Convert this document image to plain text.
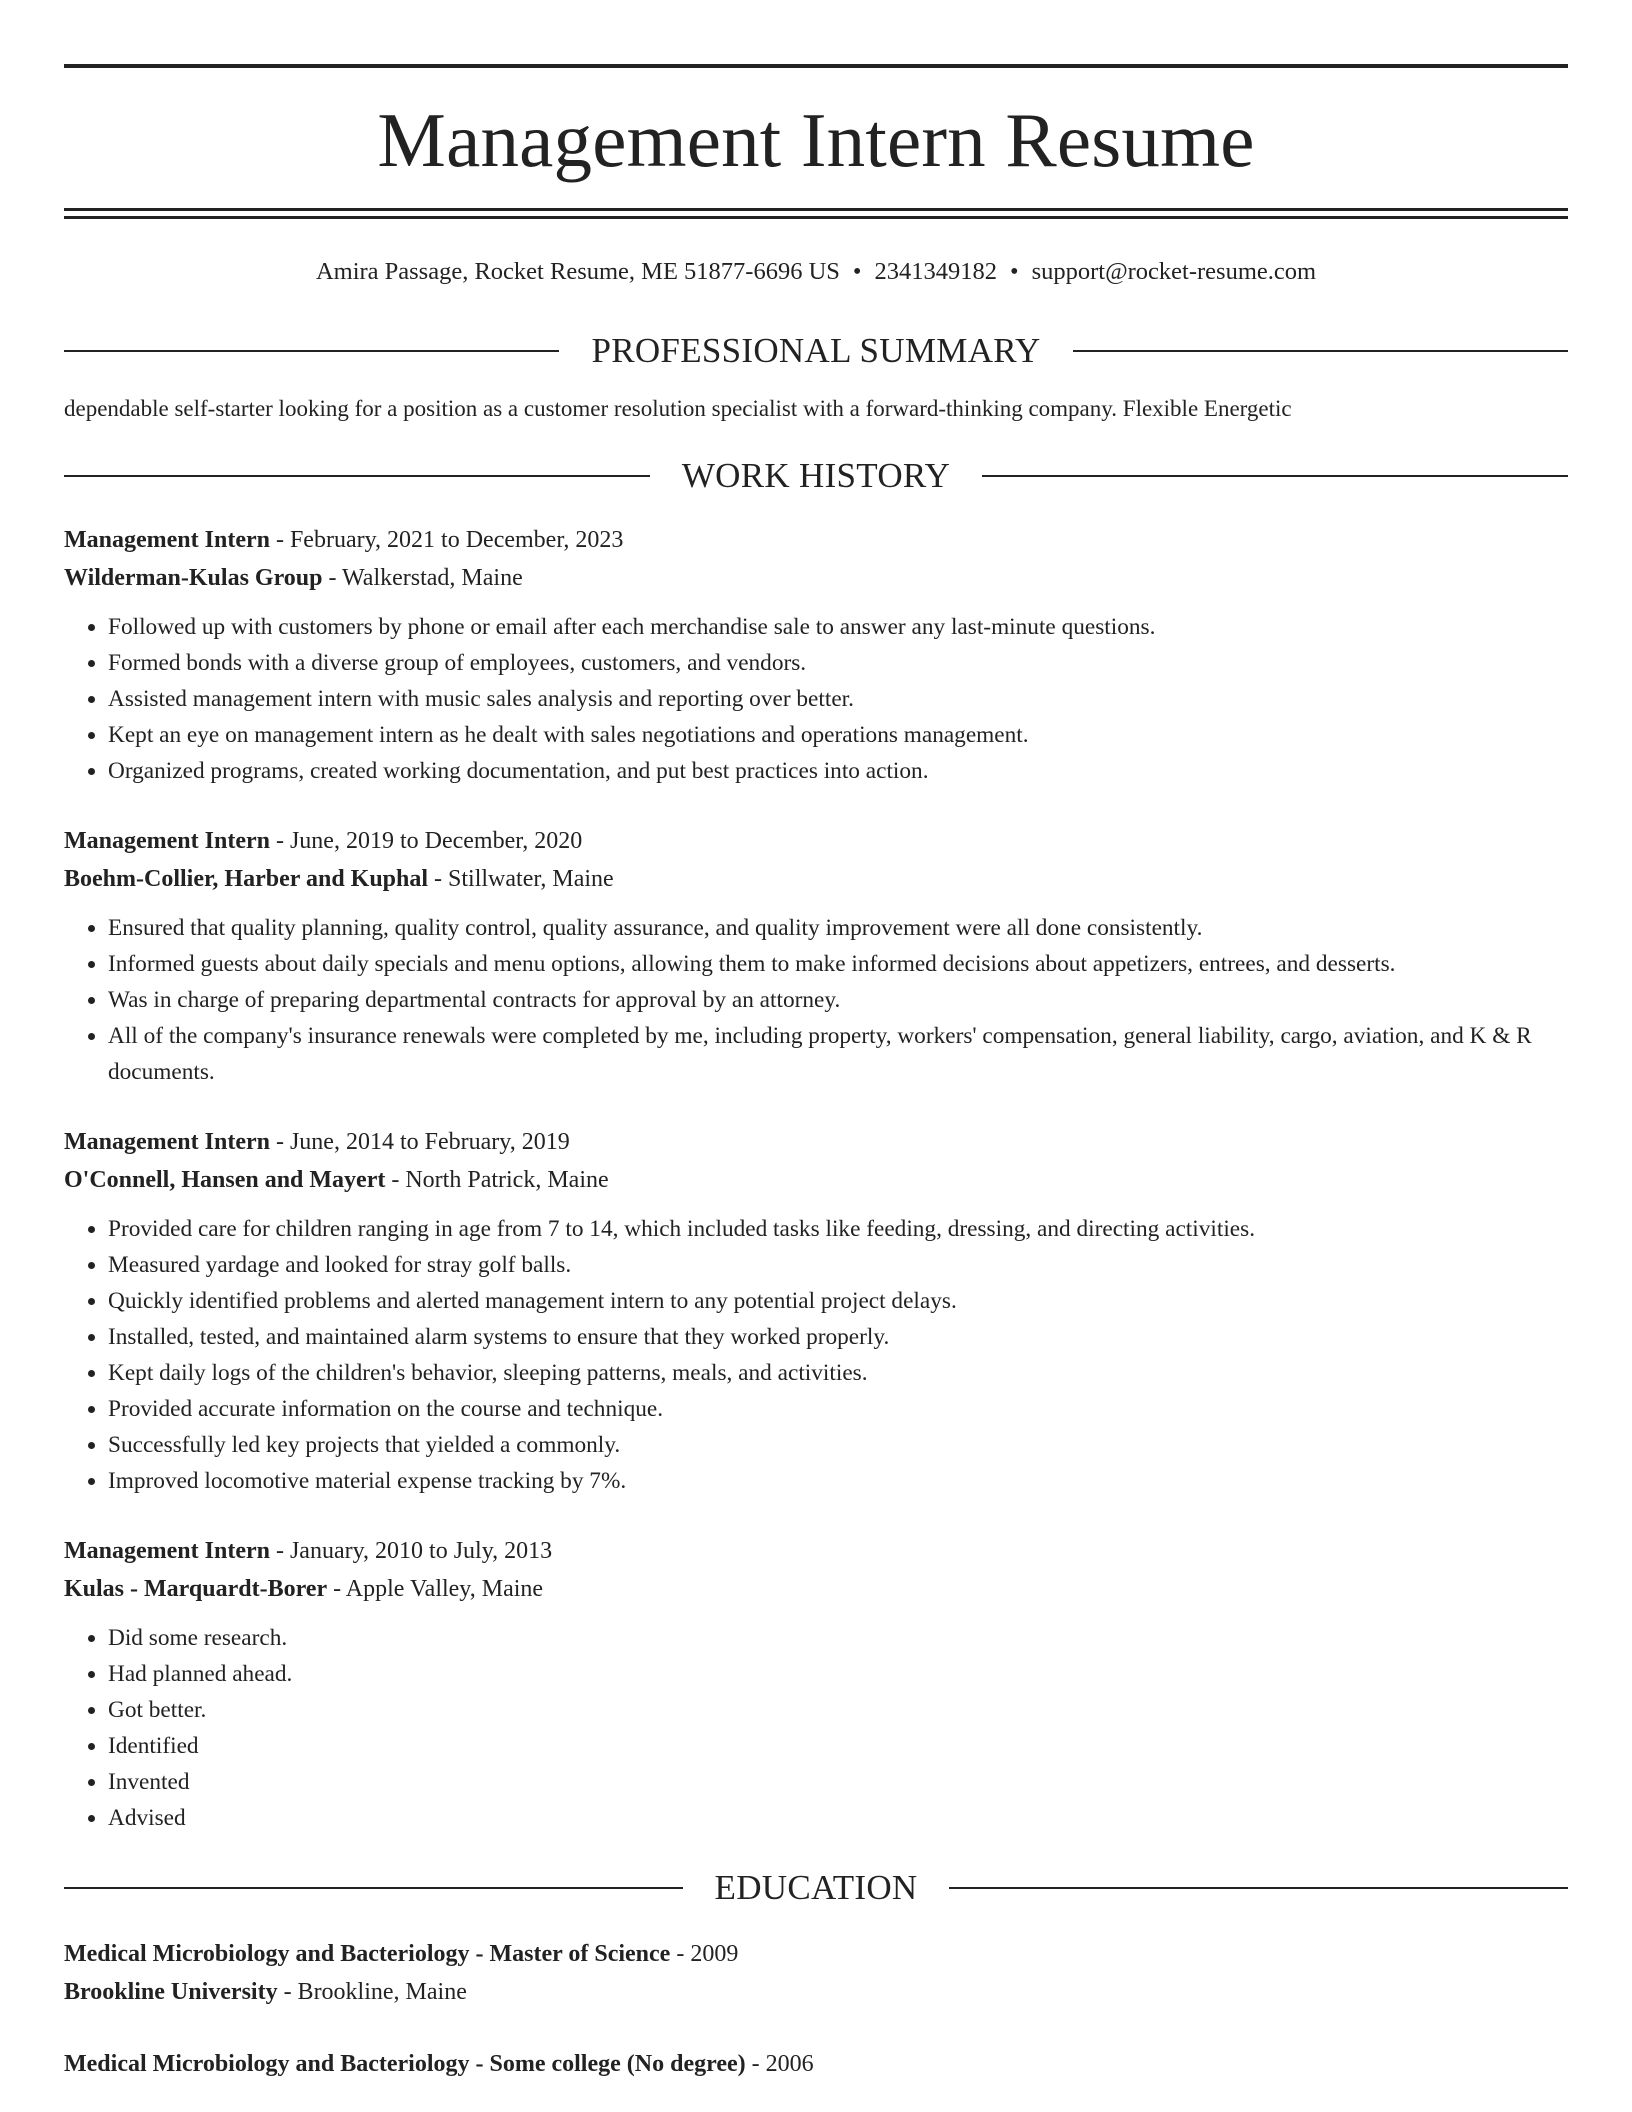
Management Intern Resume
Amira Passage, Rocket Resume, ME 51877-6696 US • 2341349182 • support@rocket-resume.com
PROFESSIONAL SUMMARY

dependable self-starter looking for a position as a customer resolution specialist with a forward-thinking company. Flexible Energetic

WORK HISTORY

Management Intern - February, 2021 to December, 2023

Wilderman-Kulas Group - Walkerstad, Maine

• Followed up with customers by phone or email after each merchandise sale to answer any last-minute questions.
• Formed bonds with a diverse group of employees, customers, and vendors.
• Assisted management intern with music sales analysis and reporting over better.
• Kept an eye on management intern as he dealt with sales negotiations and operations management.
• Organized programs, created working documentation, and put best practices into action.

Management Intern - June, 2019 to December, 2020

Boehm-Collier, Harber and Kuphal - Stillwater, Maine

• Ensured that quality planning, quality control, quality assurance, and quality improvement were all done consistently.
• Informed guests about daily specials and menu options, allowing them to make informed decisions about appetizers, entrees, and desserts.
• Was in charge of preparing departmental contracts for approval by an attorney.
• All of the company's insurance renewals were completed by me, including property, workers' compensation, general liability, cargo, aviation, and K & R documents.

Management Intern - June, 2014 to February, 2019

O'Connell, Hansen and Mayert - North Patrick, Maine

• Provided care for children ranging in age from 7 to 14, which included tasks like feeding, dressing, and directing activities.
• Measured yardage and looked for stray golf balls.
• Quickly identified problems and alerted management intern to any potential project delays.
• Installed, tested, and maintained alarm systems to ensure that they worked properly.
• Kept daily logs of the children's behavior, sleeping patterns, meals, and activities.
• Provided accurate information on the course and technique.
• Successfully led key projects that yielded a commonly.
• Improved locomotive material expense tracking by 7%.

Management Intern - January, 2010 to July, 2013

Kulas - Marquardt-Borer - Apple Valley, Maine

• Did some research.
• Had planned ahead.
• Got better.
• Identified
• Invented
• Advised
EDUCATION

Medical Microbiology and Bacteriology - Master of Science - 2009

Brookline University - Brookline, Maine

Medical Microbiology and Bacteriology - Some college (No degree) - 2006
